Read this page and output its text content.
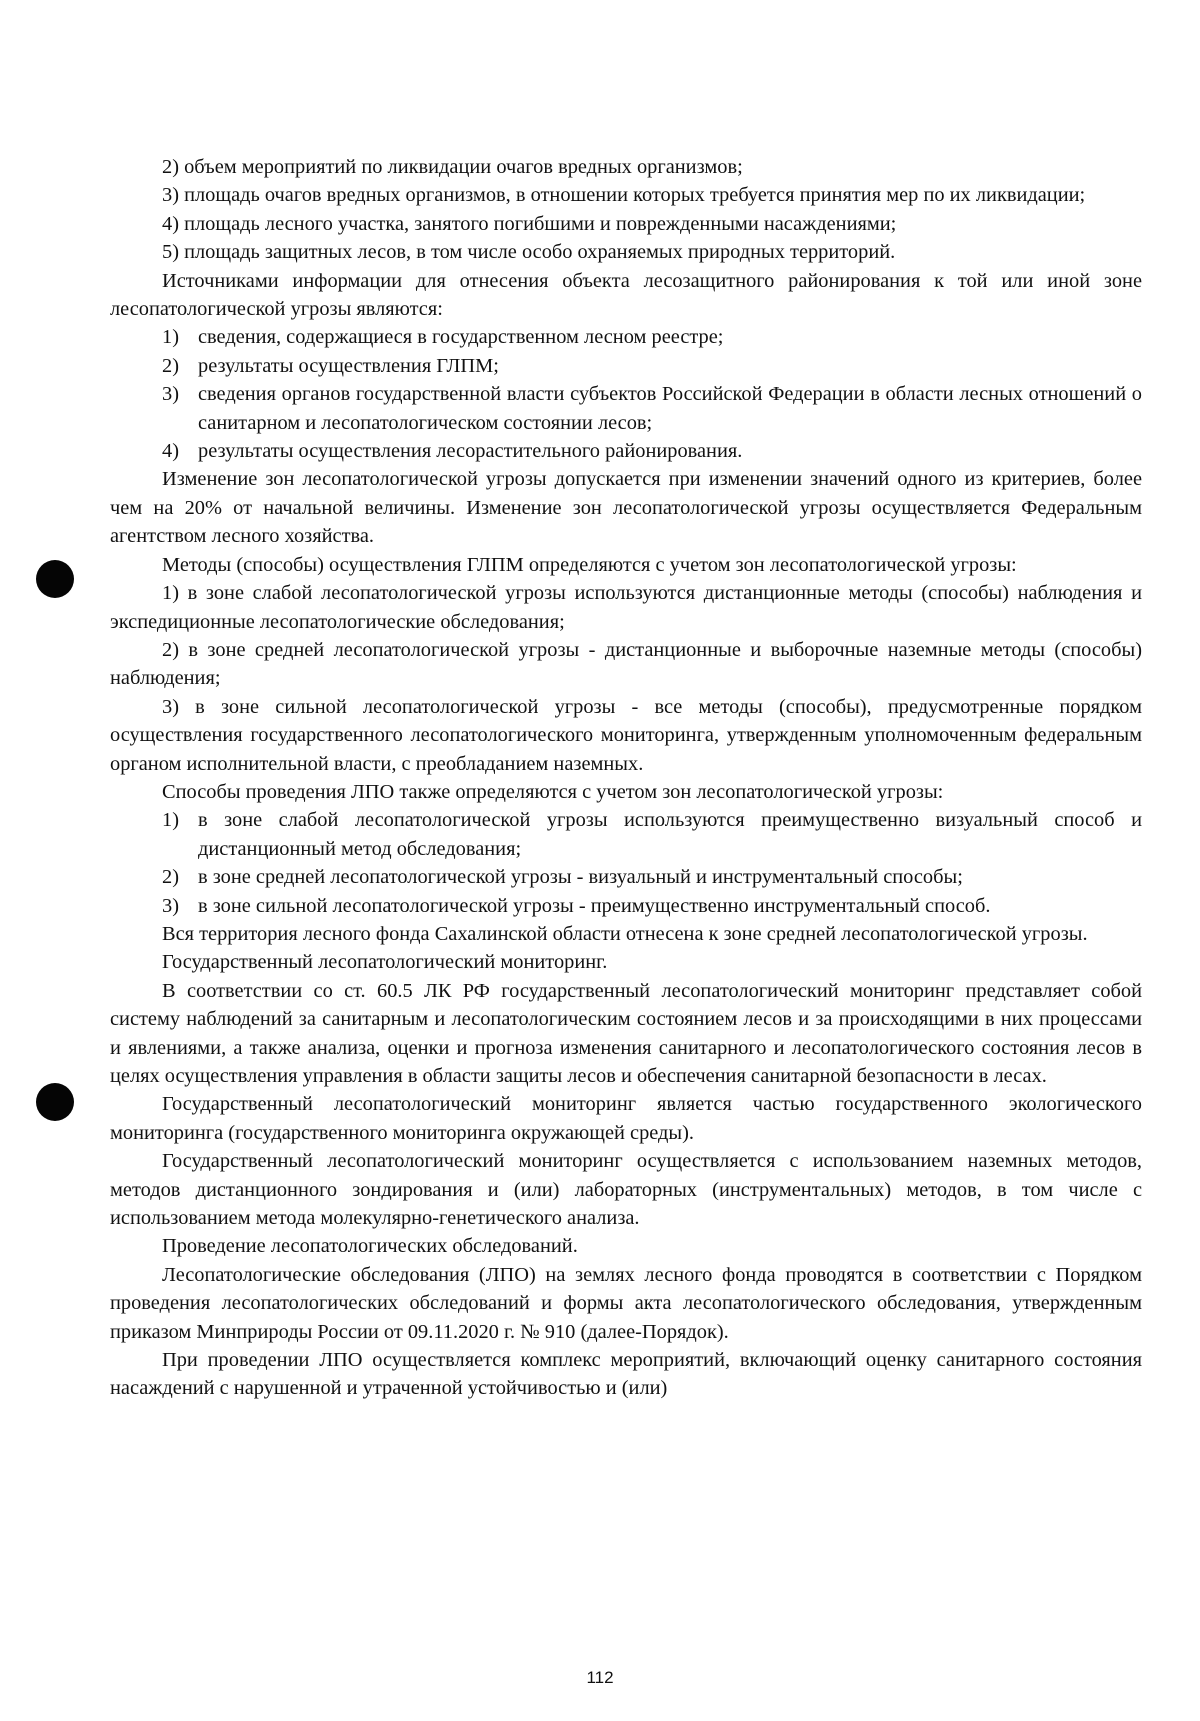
2) объем мероприятий по ликвидации очагов вредных организмов;

3) площадь очагов вредных организмов, в отношении которых требуется принятия мер по их ликвидации;

4) площадь лесного участка, занятого погибшими и поврежденными насаждениями;

5) площадь защитных лесов, в том числе особо охраняемых природных территорий.

Источниками информации для отнесения объекта лесозащитного районирования к той или иной зоне лесопатологической угрозы являются:

1) сведения, содержащиеся в государственном лесном реестре;
2) результаты осуществления ГЛПМ;
3) сведения органов государственной власти субъектов Российской Федерации в области лесных отношений о санитарном и лесопатологическом состоянии лесов;
4) результаты осуществления лесорастительного районирования.

Изменение зон лесопатологической угрозы допускается при изменении значений одного из критериев, более чем на 20% от начальной величины. Изменение зон лесопатологической угрозы осуществляется Федеральным агентством лесного хозяйства.

Методы (способы) осуществления ГЛПМ определяются с учетом зон лесопатологической угрозы:

1) в зоне слабой лесопатологической угрозы используются дистанционные методы (способы) наблюдения и экспедиционные лесопатологические обследования;

2) в зоне средней лесопатологической угрозы - дистанционные и выборочные наземные методы (способы) наблюдения;

3) в зоне сильной лесопатологической угрозы - все методы (способы), предусмотренные порядком осуществления государственного лесопатологического мониторинга, утвержденным уполномоченным федеральным органом исполнительной власти, с преобладанием наземных.

Способы проведения ЛПО также определяются с учетом зон лесопатологической угрозы:

1) в зоне слабой лесопатологической угрозы используются преимущественно визуальный способ и дистанционный метод обследования;
2) в зоне средней лесопатологической угрозы - визуальный и инструментальный способы;
3) в зоне сильной лесопатологической угрозы - преимущественно инструментальный способ.

Вся территория лесного фонда Сахалинской области отнесена к зоне средней лесопатологической угрозы.

Государственный лесопатологический мониторинг.

В соответствии со ст. 60.5 ЛК РФ государственный лесопатологический мониторинг представляет собой систему наблюдений за санитарным и лесопатологическим состоянием лесов и за происходящими в них процессами и явлениями, а также анализа, оценки и прогноза изменения санитарного и лесопатологического состояния лесов в целях осуществления управления в области защиты лесов и обеспечения санитарной безопасности в лесах.

Государственный лесопатологический мониторинг является частью государственного экологического мониторинга (государственного мониторинга окружающей среды).

Государственный лесопатологический мониторинг осуществляется с использованием наземных методов, методов дистанционного зондирования и (или) лабораторных (инструментальных) методов, в том числе с использованием метода молекулярно-генетического анализа.

Проведение лесопатологических обследований.

Лесопатологические обследования (ЛПО) на землях лесного фонда проводятся в соответствии с Порядком проведения лесопатологических обследований и формы акта лесопатологического обследования, утвержденным приказом Минприроды России от 09.11.2020 г. № 910 (далее-Порядок).

При проведении ЛПО осуществляется комплекс мероприятий, включающий оценку санитарного состояния насаждений с нарушенной и утраченной устойчивостью и (или)

112
